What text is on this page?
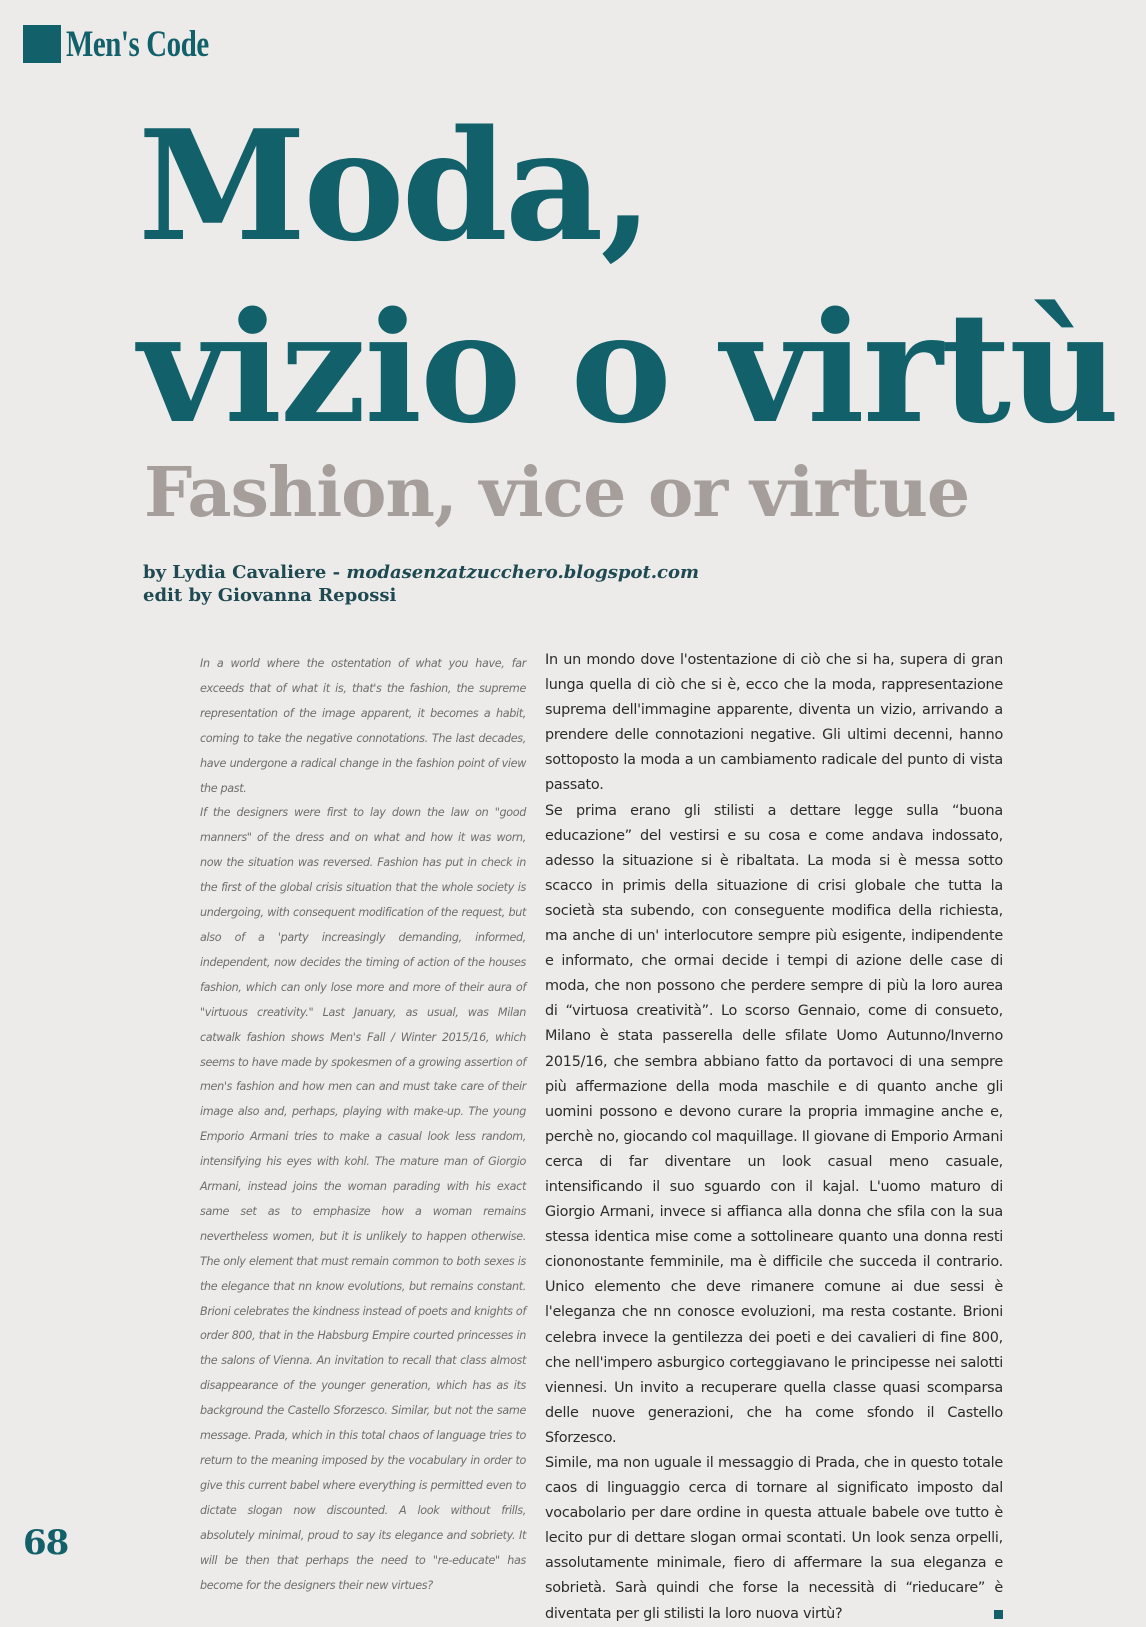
Men's Code
Moda,
vizio o virtù
Fashion, vice or virtue
by Lydia Cavaliere - modasenzatzucchero.blogspot.com
edit by Giovanna Repossi

In a world where the ostentation of what you have, far exceeds that of what it is, that's the fashion, the supreme representation of the image apparent, it becomes a habit, coming to take the negative connotations. The last decades, have undergone a radical change in the fashion point of view the past.

If the designers were first to lay down the law on "good manners" of the dress and on what and how it was worn, now the situation was reversed. Fashion has put in check in the first of the global crisis situation that the whole society is undergoing, with consequent modification of the request, but also of a 'party increasingly demanding, informed, independent, now decides the timing of action of the houses fashion, which can only lose more and more of their aura of "virtuous creativity." Last January, as usual, was Milan catwalk fashion shows Men's Fall / Winter 2015/16, which seems to have made by spokesmen of a growing assertion of men's fashion and how men can and must take care of their image also and, perhaps, playing with make-up. The young Emporio Armani tries to make a casual look less random, intensifying his eyes with kohl. The mature man of Giorgio Armani, instead joins the woman parading with his exact same set as to emphasize how a woman remains nevertheless women, but it is unlikely to happen otherwise. The only element that must remain common to both sexes is the elegance that nn know evolutions, but remains constant. Brioni celebrates the kindness instead of poets and knights of order 800, that in the Habsburg Empire courted princesses in the salons of Vienna. An invitation to recall that class almost disappearance of the younger generation, which has as its background the Castello Sforzesco. Similar, but not the same message. Prada, which in this total chaos of language tries to return to the meaning imposed by the vocabulary in order to give this current babel where everything is permitted even to dictate slogan now discounted. A look without frills, absolutely minimal, proud to say its elegance and sobriety. It will be then that perhaps the need to "re-educate" has become for the designers their new virtues?

In un mondo dove l'ostentazione di ciò che si ha, supera di gran lunga quella di ciò che si è, ecco che la moda, rappresentazione suprema dell'immagine apparente, diventa un vizio, arrivando a prendere delle connotazioni negative. Gli ultimi decenni, hanno sottoposto la moda a un cambiamento radicale del punto di vista passato.

Se prima erano gli stilisti a dettare legge sulla “buona educazione” del vestirsi e su cosa e come andava indossato, adesso la situazione si è ribaltata. La moda si è messa sotto scacco in primis della situazione di crisi globale che tutta la società sta subendo, con conseguente modifica della richiesta, ma anche di un' interlocutore sempre più esigente, indipendente e informato, che ormai decide i tempi di azione delle case di moda, che non possono che perdere sempre di più la loro aurea di “virtuosa creatività”. Lo scorso Gennaio, come di consueto, Milano è stata passerella delle sfilate Uomo Autunno/Inverno 2015/16, che sembra abbiano fatto da portavoci di una sempre più affermazione della moda maschile e di quanto anche gli uomini possono e devono curare la propria immagine anche e, perchè no, giocando col maquillage. Il giovane di Emporio Armani cerca di far diventare un look casual meno casuale, intensificando il suo sguardo con il kajal. L'uomo maturo di Giorgio Armani, invece si affianca alla donna che sfila con la sua stessa identica mise come a sottolineare quanto una donna resti ciononostante femminile, ma è difficile che succeda il contrario. Unico elemento che deve rimanere comune ai due sessi è l'eleganza che nn conosce evoluzioni, ma resta costante. Brioni celebra invece la gentilezza dei poeti e dei cavalieri di fine 800, che nell'impero asburgico corteggiavano le principesse nei salotti viennesi. Un invito a recuperare quella classe quasi scomparsa delle nuove generazioni, che ha come sfondo il Castello Sforzesco.

Simile, ma non uguale il messaggio di Prada, che in questo totale caos di linguaggio cerca di tornare al significato imposto dal vocabolario per dare ordine in questa attuale babele ove tutto è lecito pur di dettare slogan ormai scontati. Un look senza orpelli, assolutamente minimale, fiero di affermare la sua eleganza e sobrietà. Sarà quindi che forse la necessità di “rieducare” è diventata per gli stilisti la loro nuova virtù?

68
